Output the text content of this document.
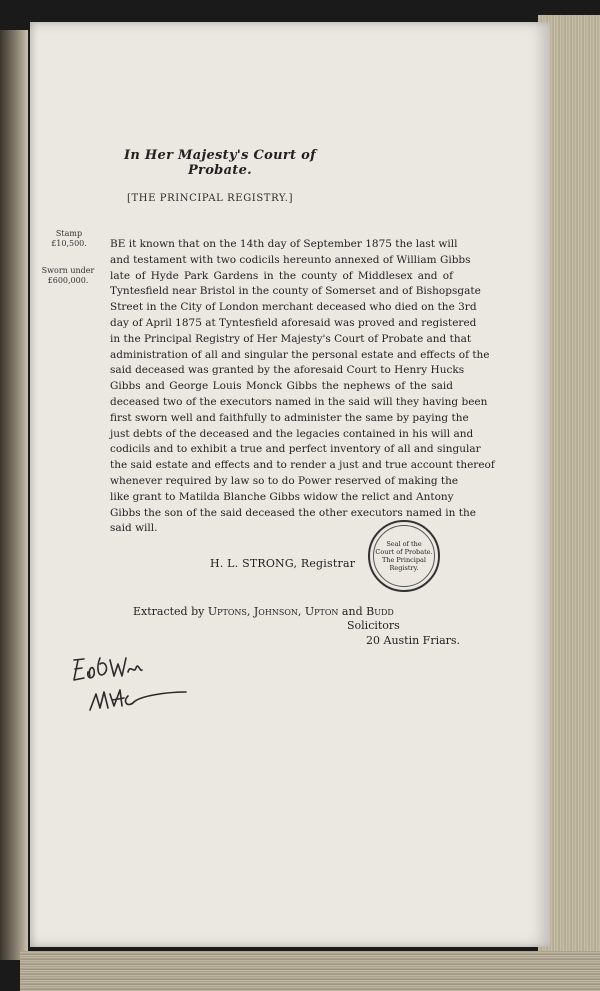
In Her Majesty's Court of Probate.
[THE PRINCIPAL REGISTRY.]
Stamp £10,500.
Sworn under
£600,000.
BE it known that on the 14th day of September 1875 the last will
and testament with two codicils hereunto annexed of William Gibbs
late of Hyde Park Gardens in the county of Middlesex and of
Tyntesfield near Bristol in the county of Somerset and of Bishopsgate
Street in the City of London merchant deceased who died on the 3rd
day of April 1875 at Tyntesfield aforesaid was proved and registered
in the Principal Registry of Her Majesty's Court of Probate and that
administration of all and singular the personal estate and effects of the
said deceased was granted by the aforesaid Court to Henry Hucks
Gibbs and George Louis Monck Gibbs the nephews of the said
deceased two of the executors named in the said will they having been
first sworn well and faithfully to administer the same by paying the
just debts of the deceased and the legacies contained in his will and
codicils and to exhibit a true and perfect inventory of all and singular
the said estate and effects and to render a just and true account thereof
whenever required by law so to do Power reserved of making the
like grant to Matilda Blanche Gibbs widow the relict and Antony
Gibbs the son of the said deceased the other executors named in the
said will.
H. L. STRONG, Registrar
Seal of the
Court of Probate.
The Principal
Registry.
Extracted by Uptons, Johnson, Upton and Budd
Solicitors
20 Austin Friars.
